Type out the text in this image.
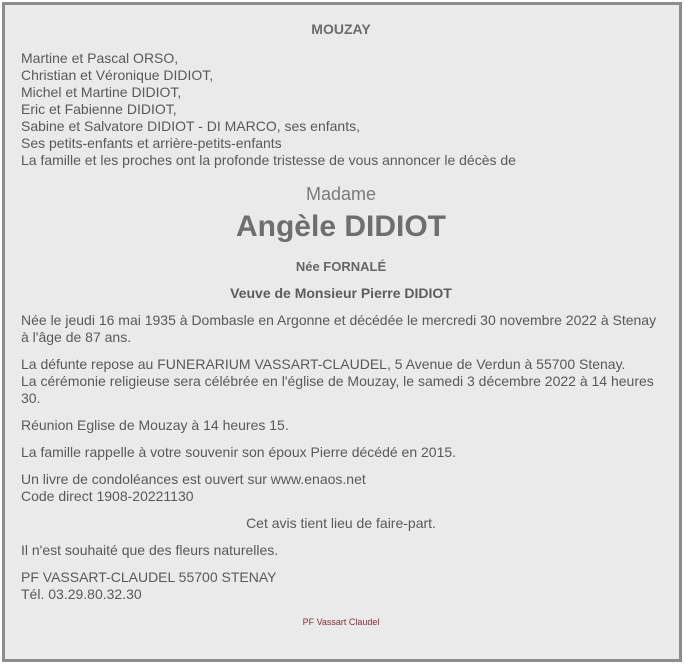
MOUZAY
Martine et Pascal ORSO,
Christian et Véronique DIDIOT,
Michel et Martine DIDIOT,
Eric et Fabienne DIDIOT,
Sabine et Salvatore DIDIOT - DI MARCO, ses enfants,
Ses petits-enfants et arrière-petits-enfants
La famille et les proches ont la profonde tristesse de vous annoncer le décès de
Madame
Angèle DIDIOT
Née FORNALÉ
Veuve de Monsieur Pierre DIDIOT
Née le jeudi 16 mai 1935 à Dombasle en Argonne et décédée le mercredi 30 novembre 2022 à Stenay à l'âge de 87 ans.
La défunte repose au FUNERARIUM VASSART-CLAUDEL, 5 Avenue de Verdun à 55700 Stenay.
La cérémonie religieuse sera célébrée en l'église de Mouzay, le samedi 3 décembre 2022 à 14 heures 30.
Réunion Eglise de Mouzay à 14 heures 15.
La famille rappelle à votre souvenir son époux Pierre décédé en 2015.
Un livre de condoléances est ouvert sur www.enaos.net
Code direct 1908-20221130
Cet avis tient lieu de faire-part.
Il n'est souhaité que des fleurs naturelles.
PF VASSART-CLAUDEL 55700 STENAY
Tél. 03.29.80.32.30
PF Vassart Claudel
